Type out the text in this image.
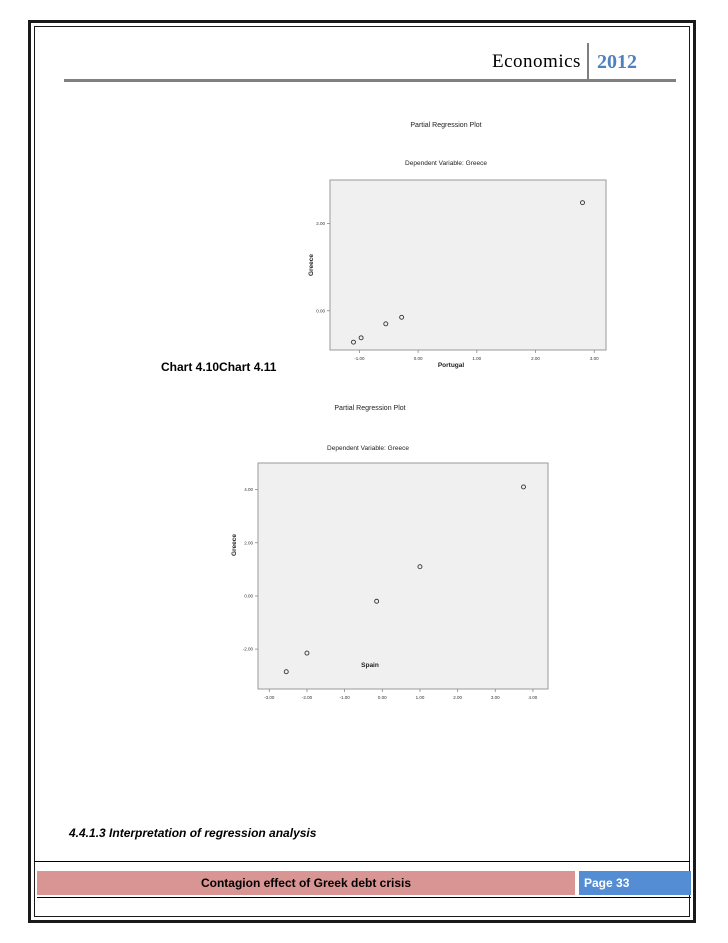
Economics 2012
Partial Regression Plot
Dependent Variable: Greece
-1.00	0.00	1.00	2.00	3.00
2.00
0.00
Portugal
Greece
Chart 4.10Chart 4.11
Partial Regression Plot
Dependent Variable: Greece
-3.00	-2.00	-1.00	0.00	1.00	2.00	3.00	4.00
4.00
2.00
0.00
-2.00
Spain
Greece
4.4.1.3 Interpretation of regression analysis
Contagion effect of Greek debt crisis	Page 33
